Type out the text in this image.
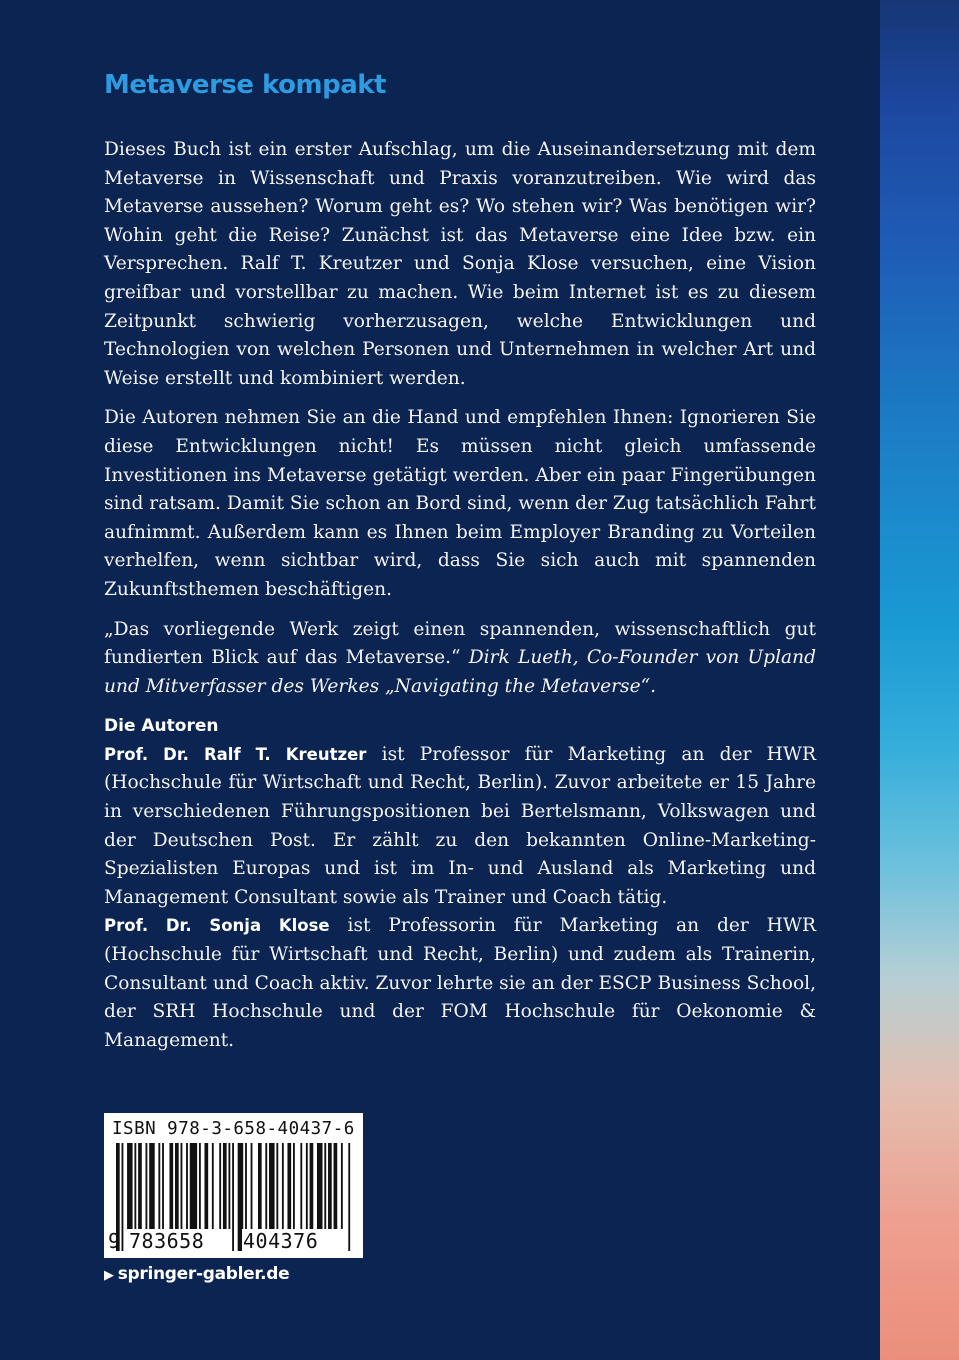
Metaverse kompakt

Dieses Buch ist ein erster Aufschlag, um die Auseinandersetzung mit dem Metaverse in Wissenschaft und Praxis voranzutreiben. Wie wird das Metaverse aussehen? Worum geht es? Wo stehen wir? Was benötigen wir? Wohin geht die Reise? Zunächst ist das Metaverse eine Idee bzw. ein Versprechen. Ralf T. Kreutzer und Sonja Klose versuchen, eine Vision greifbar und vorstellbar zu machen. Wie beim Internet ist es zu diesem Zeitpunkt schwierig vorherzusagen, welche Entwicklungen und Technologien von welchen Personen und Unternehmen in welcher Art und Weise erstellt und kombiniert werden.

Die Autoren nehmen Sie an die Hand und empfehlen Ihnen: Ignorieren Sie diese Entwicklungen nicht! Es müssen nicht gleich umfassende Investitionen ins Metaverse getätigt werden. Aber ein paar Fingerübungen sind ratsam. Damit Sie schon an Bord sind, wenn der Zug tatsächlich Fahrt aufnimmt. Außerdem kann es Ihnen beim Employer Branding zu Vorteilen verhelfen, wenn sichtbar wird, dass Sie sich auch mit spannenden Zukunftsthemen beschäftigen.

„Das vorliegende Werk zeigt einen spannenden, wissenschaftlich gut fundierten Blick auf das Metaverse.“ Dirk Lueth, Co-Founder von Upland und Mitverfasser des Werkes „Navigating the Metaverse“.

Die Autoren

Prof. Dr. Ralf T. Kreutzer ist Professor für Marketing an der HWR (Hochschule für Wirtschaft und Recht, Berlin). Zuvor arbeitete er 15 Jahre in verschiedenen Führungspositionen bei Bertelsmann, Volkswagen und der Deutschen Post. Er zählt zu den bekannten Online-Marketing-Spezialisten Europas und ist im In- und Ausland als Marketing und Management Consultant sowie als Trainer und Coach tätig.

Prof. Dr. Sonja Klose ist Professorin für Marketing an der HWR (Hochschule für Wirtschaft und Recht, Berlin) und zudem als Trainerin, Consultant und Coach aktiv. Zuvor lehrte sie an der ESCP Business School, der SRH Hochschule und der FOM Hochschule für Oekonomie & Management.

ISBN 978-3-658-40437-6

9 783658 404376

▶ springer-gabler.de
